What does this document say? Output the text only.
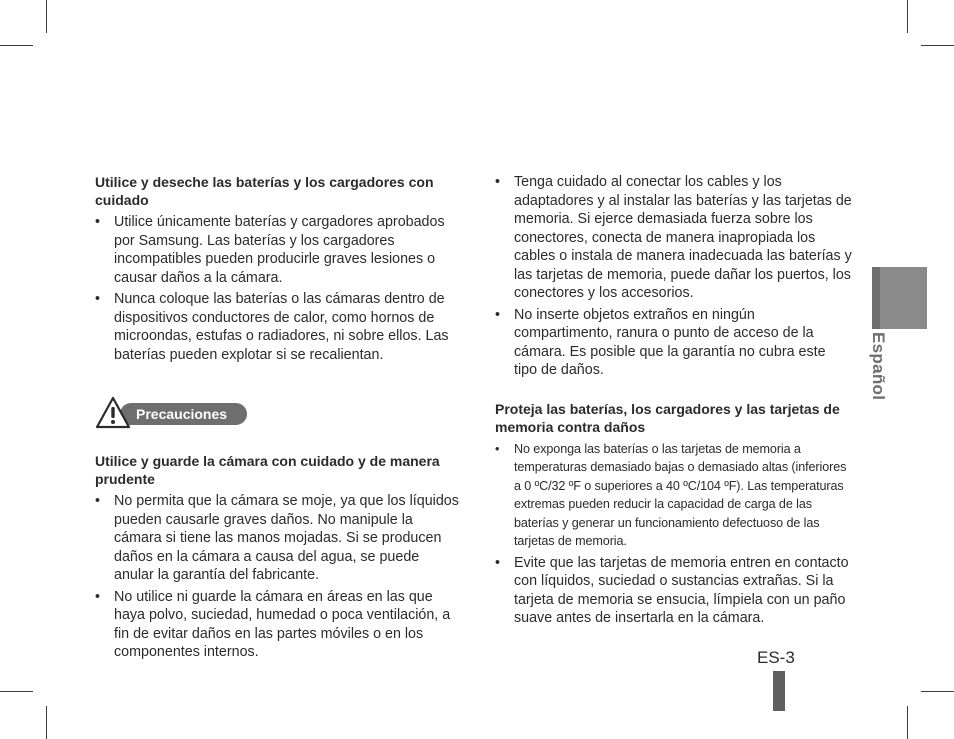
Utilice y deseche las baterías y los cargadores con cuidado
• Utilice únicamente baterías y cargadores aprobados por Samsung. Las baterías y los cargadores incompatibles pueden producirle graves lesiones o causar daños a la cámara.
• Nunca coloque las baterías o las cámaras dentro de dispositivos conductores de calor, como hornos de microondas, estufas o radiadores, ni sobre ellos. Las baterías pueden explotar si se recalientan.
Precauciones
Utilice y guarde la cámara con cuidado y de manera prudente
• No permita que la cámara se moje, ya que los líquidos pueden causarle graves daños. No manipule la cámara si tiene las manos mojadas. Si se producen daños en la cámara a causa del agua, se puede anular la garantía del fabricante.
• No utilice ni guarde la cámara en áreas en las que haya polvo, suciedad, humedad o poca ventilación, a fin de evitar daños en las partes móviles o en los componentes internos.
• Tenga cuidado al conectar los cables y los adaptadores y al instalar las baterías y las tarjetas de memoria. Si ejerce demasiada fuerza sobre los conectores, conecta de manera inapropiada los cables o instala de manera inadecuada las baterías y las tarjetas de memoria, puede dañar los puertos, los conectores y los accesorios.
• No inserte objetos extraños en ningún compartimento, ranura o punto de acceso de la cámara. Es posible que la garantía no cubra este tipo de daños.
Proteja las baterías, los cargadores y las tarjetas de memoria contra daños
• No exponga las baterías o las tarjetas de memoria a temperaturas demasiado bajas o demasiado altas (inferiores a 0 ºC/32 ºF o superiores a 40 ºC/104 ºF). Las temperaturas extremas pueden reducir la capacidad de carga de las baterías y generar un funcionamiento defectuoso de las tarjetas de memoria.
• Evite que las tarjetas de memoria entren en contacto con líquidos, suciedad o sustancias extrañas. Si la tarjeta de memoria se ensucia, límpiela con un paño suave antes de insertarla en la cámara.
Español
ES-3
